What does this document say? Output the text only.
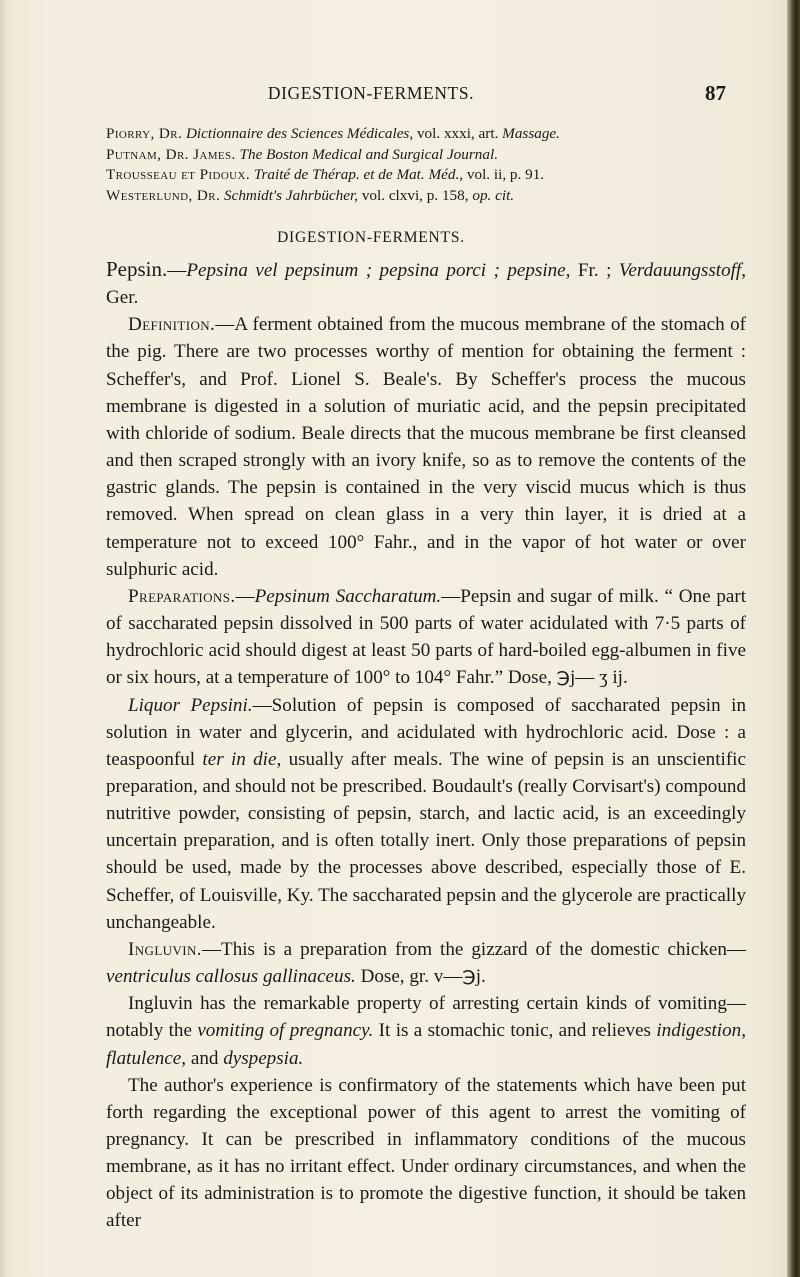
DIGESTION-FERMENTS.	87
Piorry, Dr. Dictionnaire des Sciences Médicales, vol. xxxi, art. Massage.
Putnam, Dr. James. The Boston Medical and Surgical Journal.
Trousseau et Pidoux. Traité de Thérap. et de Mat. Méd., vol. ii, p. 91.
Westerlund, Dr. Schmidt's Jahrbücher, vol. clxvi, p. 158, op. cit.
DIGESTION-FERMENTS.

Pepsin.—Pepsina vel pepsinum ; pepsina porci ; pepsine, Fr. ; Verdauungsstoff, Ger.

Definition.—A ferment obtained from the mucous membrane of the stomach of the pig. There are two processes worthy of mention for obtaining the ferment : Scheffer's, and Prof. Lionel S. Beale's. By Scheffer's process the mucous membrane is digested in a solution of muriatic acid, and the pepsin precipitated with chloride of sodium. Beale directs that the mucous membrane be first cleansed and then scraped strongly with an ivory knife, so as to remove the contents of the gastric glands. The pepsin is contained in the very viscid mucus which is thus removed. When spread on clean glass in a very thin layer, it is dried at a temperature not to exceed 100° Fahr., and in the vapor of hot water or over sulphuric acid.

Preparations.—Pepsinum Saccharatum.—Pepsin and sugar of milk. “ One part of saccharated pepsin dissolved in 500 parts of water acidulated with 7·5 parts of hydrochloric acid should digest at least 50 parts of hard-boiled egg-albumen in five or six hours, at a temperature of 100° to 104° Fahr.” Dose, ℈j— ʒ ij.

Liquor Pepsini.—Solution of pepsin is composed of saccharated pepsin in solution in water and glycerin, and acidulated with hydrochloric acid. Dose : a teaspoonful ter in die, usually after meals. The wine of pepsin is an unscientific preparation, and should not be prescribed. Boudault's (really Corvisart's) compound nutritive powder, consisting of pepsin, starch, and lactic acid, is an exceedingly uncertain preparation, and is often totally inert. Only those preparations of pepsin should be used, made by the processes above described, especially those of E. Scheffer, of Louisville, Ky. The saccharated pepsin and the glycerole are practically unchangeable.

Ingluvin.—This is a preparation from the gizzard of the domestic chicken—ventriculus callosus gallinaceus. Dose, gr. v—℈j.

Ingluvin has the remarkable property of arresting certain kinds of vomiting—notably the vomiting of pregnancy. It is a stomachic tonic, and relieves indigestion, flatulence, and dyspepsia.

The author's experience is confirmatory of the statements which have been put forth regarding the exceptional power of this agent to arrest the vomiting of pregnancy. It can be prescribed in inflammatory conditions of the mucous membrane, as it has no irritant effect. Under ordinary circumstances, and when the object of its administration is to promote the digestive function, it should be taken after
